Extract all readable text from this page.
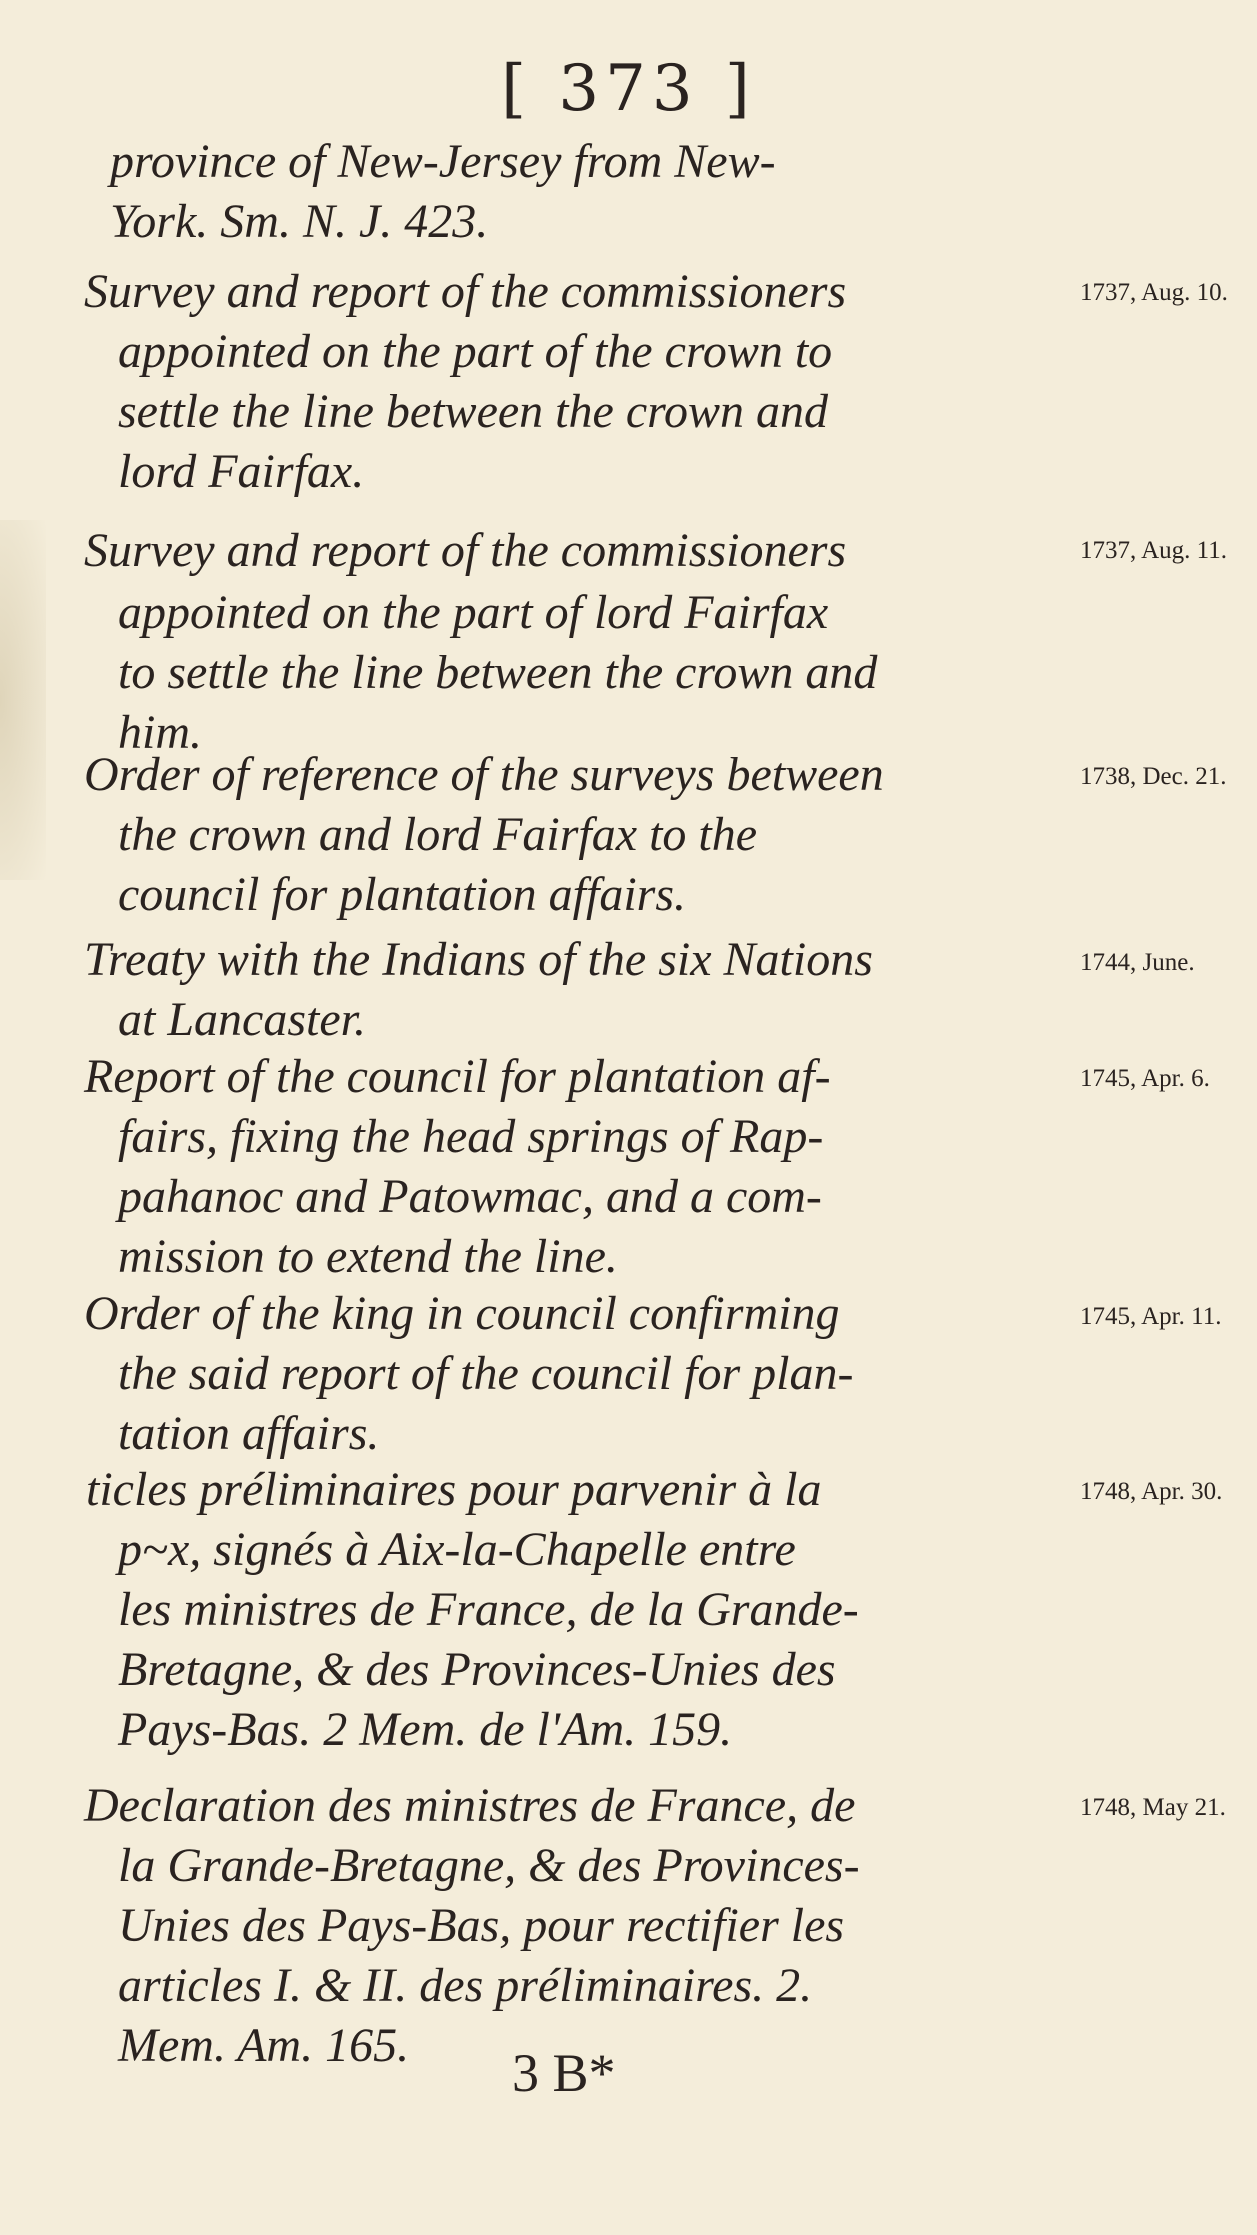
[ 373 ]
province of New-Jersey from New-
York. Sm. N. J. 423.
1737, Aug. 10.
Survey and report of the commissioners
appointed on the part of the crown to
settle the line between the crown and
lord Fairfax.
1737, Aug. 11.
Survey and report of the commissioners
appointed on the part of lord Fairfax
to settle the line between the crown and
him.
1738, Dec. 21.
Order of reference of the surveys between
the crown and lord Fairfax to the
council for plantation affairs.
1744, June.
Treaty with the Indians of the six Nations
at Lancaster.
1745, Apr. 6.
Report of the council for plantation af-
fairs, fixing the head springs of Rap-
pahanoc and Patowmac, and a com-
mission to extend the line.
1745, Apr. 11.
Order of the king in council confirming
the said report of the council for plan-
tation affairs.
1748, Apr. 30.
ticles préliminaires pour parvenir à la
p~x, signés à Aix-la-Chapelle entre
les ministres de France, de la Grande-
Bretagne, & des Provinces-Unies des
Pays-Bas. 2 Mem. de l'Am. 159.
1748, May 21.
Declaration des ministres de France, de
la Grande-Bretagne, & des Provinces-
Unies des Pays-Bas, pour rectifier les
articles I. & II. des préliminaires. 2.
Mem. Am. 165. 3 B*
